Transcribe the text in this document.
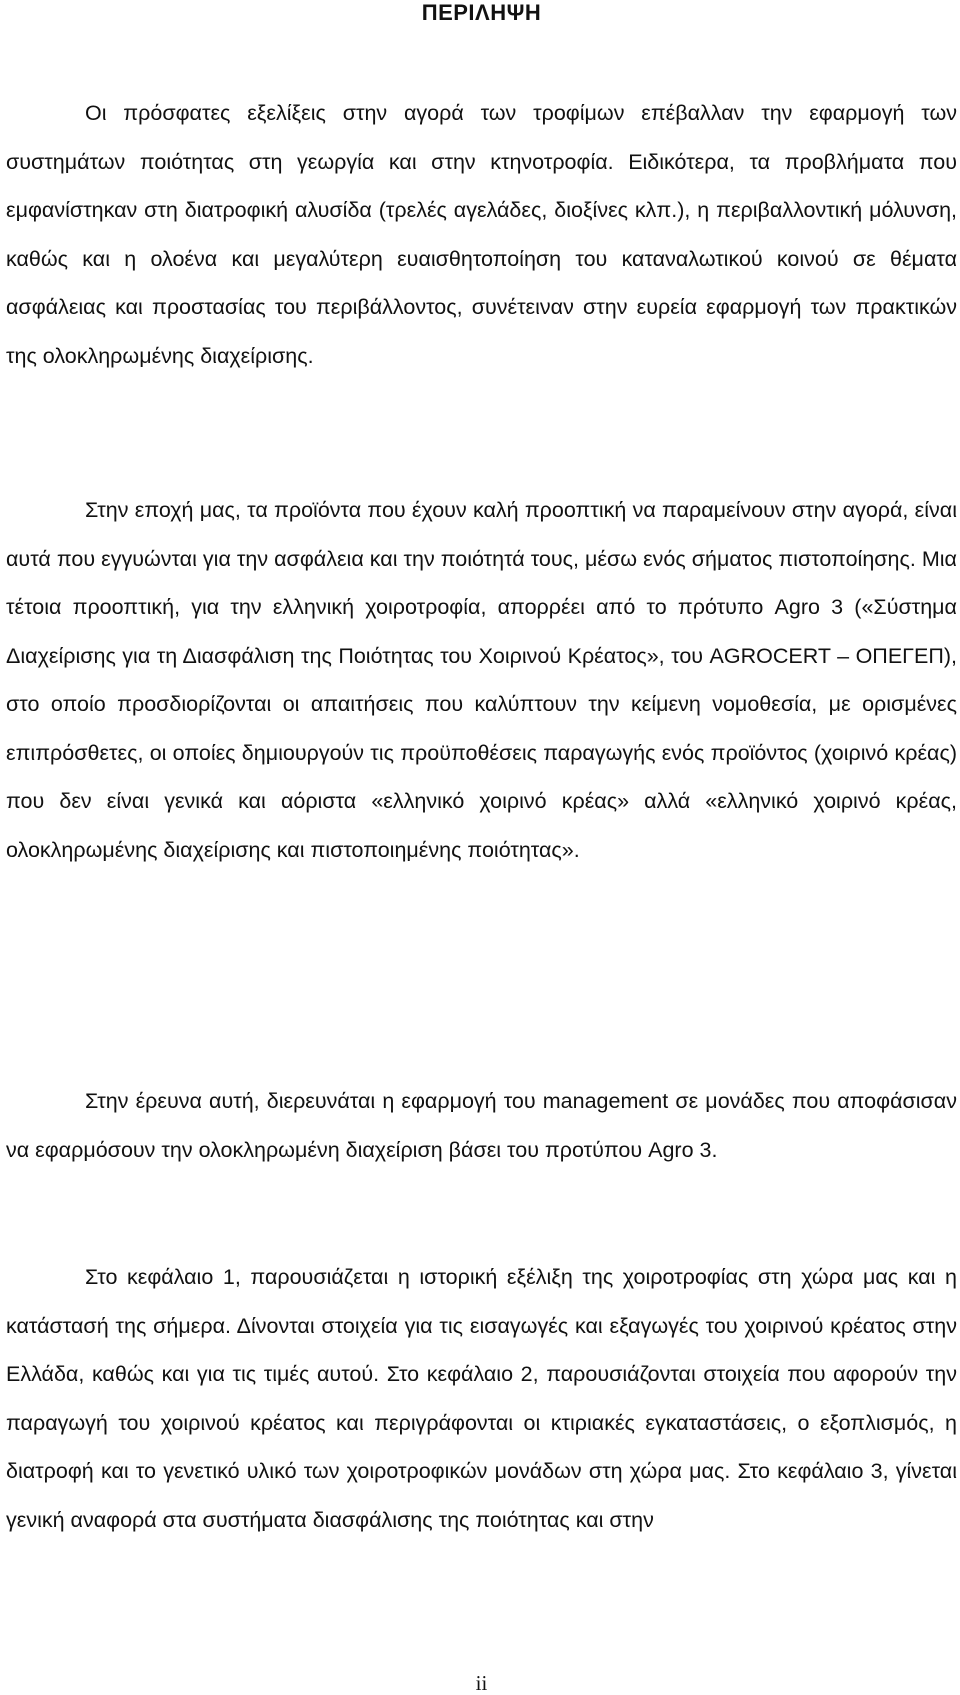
ΠΕΡΙΛΗΨΗ

Οι πρόσφατες εξελίξεις στην αγορά των τροφίμων επέβαλλαν την εφαρμογή των συστημάτων ποιότητας στη γεωργία και στην κτηνοτροφία. Ειδικότερα, τα προβλήματα που εμφανίστηκαν στη διατροφική αλυσίδα (τρελές αγελάδες, διοξίνες κλπ.), η περιβαλλοντική μόλυνση, καθώς και η ολοένα και μεγαλύτερη ευαισθητοποίηση του καταναλωτικού κοινού σε θέματα ασφάλειας και προστασίας του περιβάλλοντος, συνέτειναν στην ευρεία εφαρμογή των πρακτικών της ολοκληρωμένης διαχείρισης.

Στην εποχή μας, τα προϊόντα που έχουν καλή προοπτική να παραμείνουν στην αγορά, είναι αυτά που εγγυώνται για την ασφάλεια και την ποιότητά τους, μέσω ενός σήματος πιστοποίησης. Μια τέτοια προοπτική, για την ελληνική χοιροτροφία, απορρέει από το πρότυπο Agro 3 («Σύστημα Διαχείρισης για τη Διασφάλιση της Ποιότητας του Χοιρινού Κρέατος», του AGROCERT – ΟΠΕΓΕΠ), στο οποίο προσδιορίζονται οι απαιτήσεις που καλύπτουν την κείμενη νομοθεσία, με ορισμένες επιπρόσθετες, οι οποίες δημιουργούν τις προϋποθέσεις παραγωγής ενός προϊόντος (χοιρινό κρέας) που δεν είναι γενικά και αόριστα «ελληνικό χοιρινό κρέας» αλλά «ελληνικό χοιρινό κρέας, ολοκληρωμένης διαχείρισης και πιστοποιημένης ποιότητας».

Στην έρευνα αυτή, διερευνάται η εφαρμογή του management σε μονάδες που αποφάσισαν να εφαρμόσουν την ολοκληρωμένη διαχείριση βάσει του προτύπου Agro 3.

Στο κεφάλαιο 1, παρουσιάζεται η ιστορική εξέλιξη της χοιροτροφίας στη χώρα μας και η κατάστασή της σήμερα. Δίνονται στοιχεία για τις εισαγωγές και εξαγωγές του χοιρινού κρέατος στην Ελλάδα, καθώς και για τις τιμές αυτού. Στο κεφάλαιο 2, παρουσιάζονται στοιχεία που αφορούν την παραγωγή του χοιρινού κρέατος και περιγράφονται οι κτιριακές εγκαταστάσεις, ο εξοπλισμός, η διατροφή και το γενετικό υλικό των χοιροτροφικών μονάδων στη χώρα μας. Στο κεφάλαιο 3, γίνεται γενική αναφορά στα συστήματα διασφάλισης της ποιότητας και στην

ii
